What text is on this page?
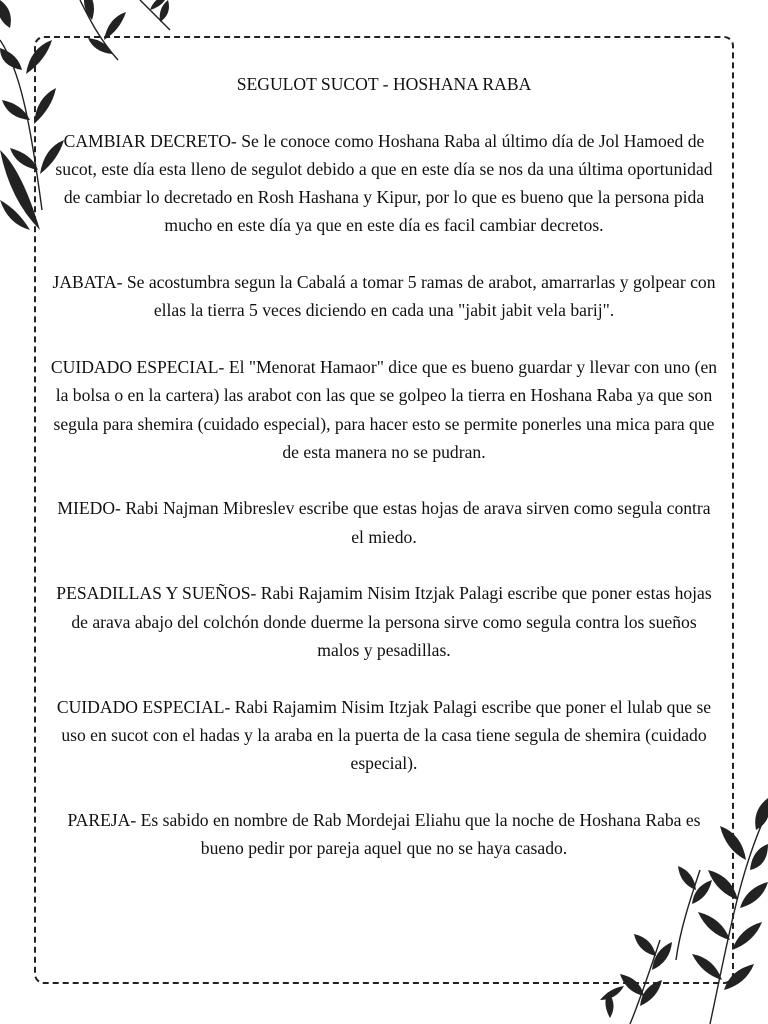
SEGULOT SUCOT - HOSHANA RABA

CAMBIAR DECRETO- Se le conoce como Hoshana Raba al último día de Jol Hamoed de sucot, este día esta lleno de segulot debido a que en este día se nos da una última oportunidad de cambiar lo decretado en Rosh Hashana y Kipur, por lo que es bueno que la persona pida mucho en este día ya que en este día es facil cambiar decretos.

JABATA- Se acostumbra segun la Cabalá a tomar 5 ramas de arabot, amarrarlas y golpear con ellas la tierra 5 veces diciendo en cada una "jabit jabit vela barij".

CUIDADO ESPECIAL- El "Menorat Hamaor" dice que es bueno guardar y llevar con uno (en la bolsa o en la cartera) las arabot con las que se golpeo la tierra en Hoshana Raba ya que son segula para shemira (cuidado especial), para hacer esto se permite ponerles una mica para que de esta manera no se pudran.

MIEDO- Rabi Najman Mibreslev escribe que estas hojas de arava sirven como segula contra el miedo.

PESADILLAS Y SUEÑOS- Rabi Rajamim Nisim Itzjak Palagi escribe que poner estas hojas de arava abajo del colchón donde duerme la persona sirve como segula contra los sueños malos y pesadillas.

CUIDADO ESPECIAL- Rabi Rajamim Nisim Itzjak Palagi escribe que poner el lulab que se uso en sucot con el hadas y la araba en la puerta de la casa tiene segula de shemira (cuidado especial).

PAREJA- Es sabido en nombre de Rab Mordejai Eliahu que la noche de Hoshana Raba es bueno pedir por pareja aquel que no se haya casado.
